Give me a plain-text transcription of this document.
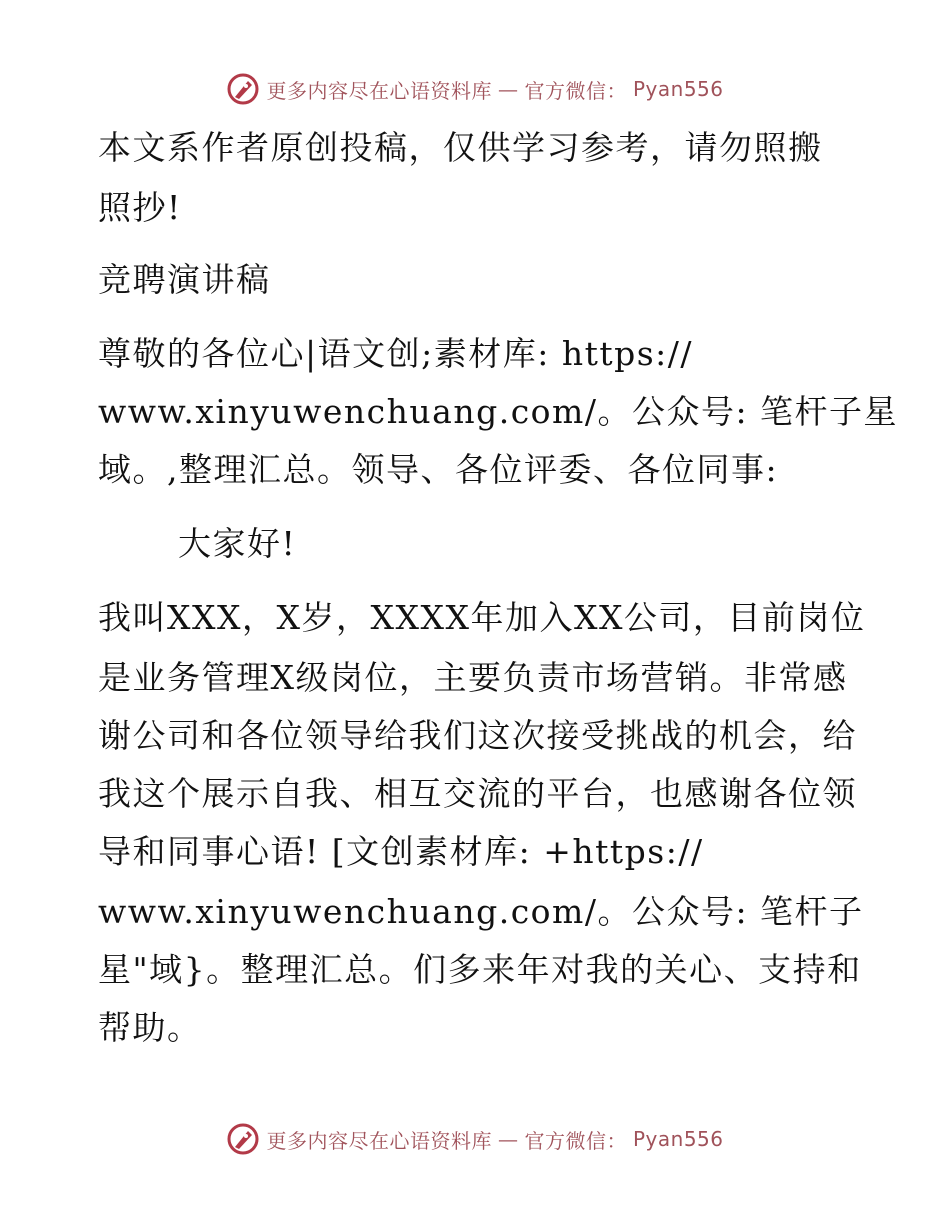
更多内容尽在心语资料库 — 官方微信： Pyan556
本文系作者原创投稿，仅供学习参考，请勿照搬
照抄!
竞聘演讲稿
尊敬的各位心|语文创;素材库: https://
www.xinyuwenchuang.com/。公众号: 笔杆子星
域。,整理汇总。领导、各位评委、各位同事:
大家好!
我叫XXX，X岁，XXXX年加入XX公司，目前岗位
是业务管理X级岗位，主要负责市场营销。非常感
谢公司和各位领导给我们这次接受挑战的机会，给
我这个展示自我、相互交流的平台，也感谢各位领
导和同事心语! [文创素材库: +https://
www.xinyuwenchuang.com/。公众号: 笔杆子
星"域}。整理汇总。们多来年对我的关心、支持和
帮助。
更多内容尽在心语资料库 — 官方微信： Pyan556
